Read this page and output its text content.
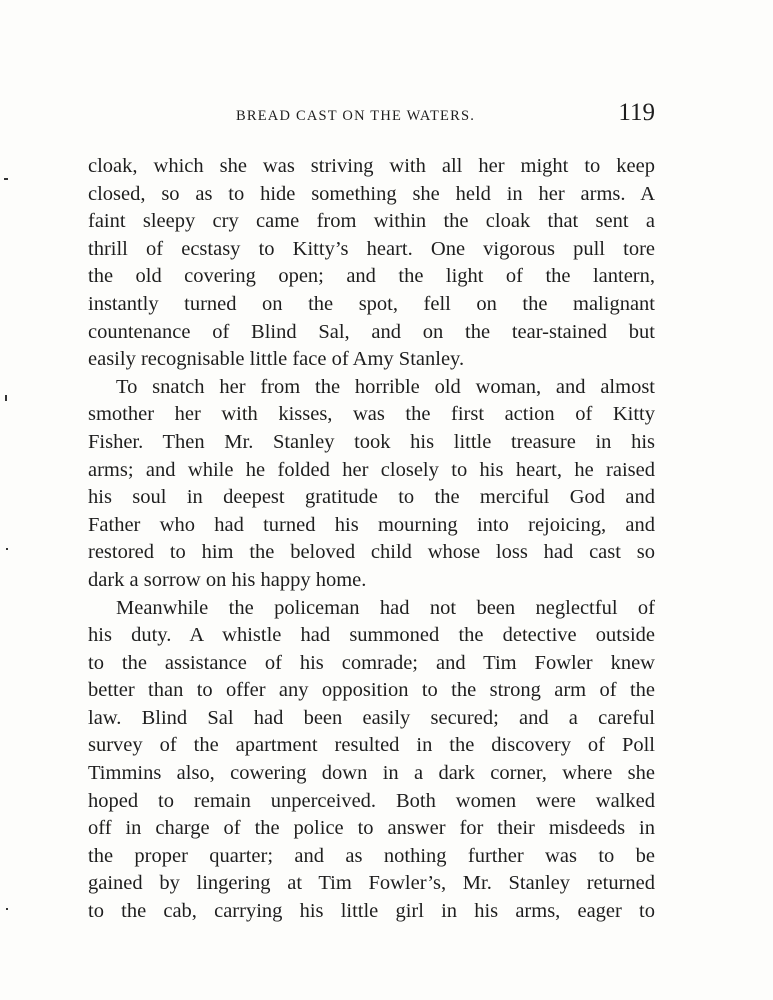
BREAD CAST ON THE WATERS.	119
cloak, which she was striving with all her might to keep
closed, so as to hide something she held in her arms. A
faint sleepy cry came from within the cloak that sent a
thrill of ecstasy to Kitty’s heart. One vigorous pull tore
the old covering open; and the light of the lantern,
instantly turned on the spot, fell on the malignant
countenance of Blind Sal, and on the tear-stained but
easily recognisable little face of Amy Stanley.
To snatch her from the horrible old woman, and almost
smother her with kisses, was the first action of Kitty
Fisher. Then Mr. Stanley took his little treasure in his
arms; and while he folded her closely to his heart, he raised
his soul in deepest gratitude to the merciful God and
Father who had turned his mourning into rejoicing, and
restored to him the beloved child whose loss had cast so
dark a sorrow on his happy home.
Meanwhile the policeman had not been neglectful of
his duty. A whistle had summoned the detective outside
to the assistance of his comrade; and Tim Fowler knew
better than to offer any opposition to the strong arm of the
law. Blind Sal had been easily secured; and a careful
survey of the apartment resulted in the discovery of Poll
Timmins also, cowering down in a dark corner, where she
hoped to remain unperceived. Both women were walked
off in charge of the police to answer for their misdeeds in
the proper quarter; and as nothing further was to be
gained by lingering at Tim Fowler’s, Mr. Stanley returned
to the cab, carrying his little girl in his arms, eager to
